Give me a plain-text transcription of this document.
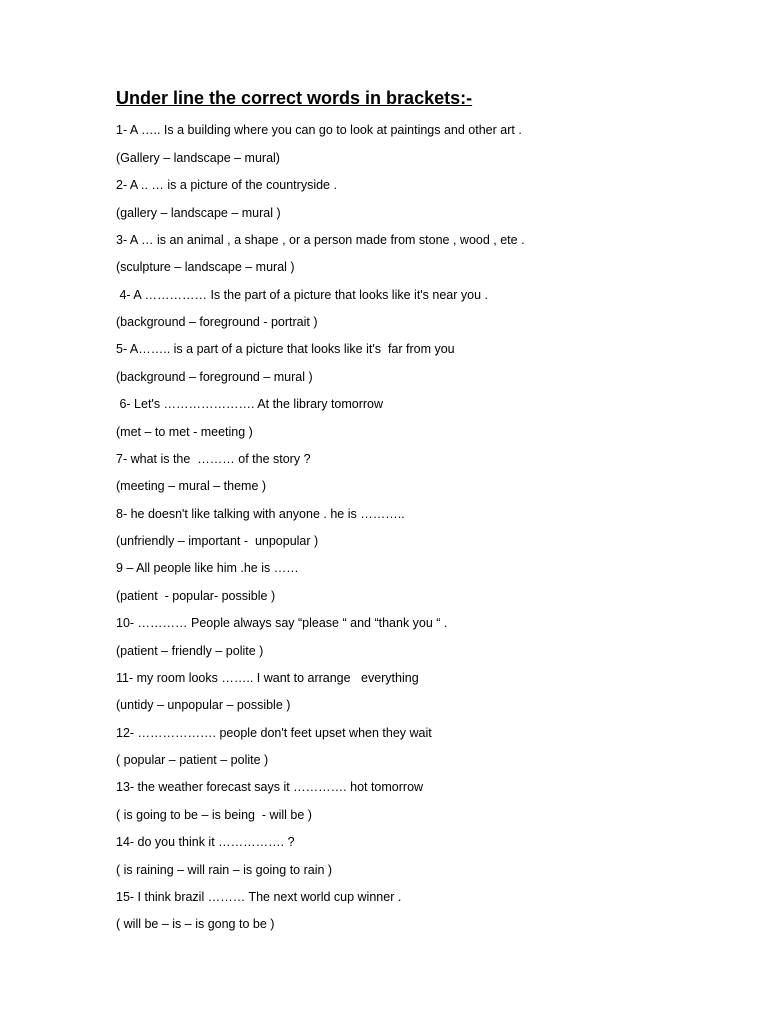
Under line the correct words in brackets:-
1- A ….. Is a building where you can go to look at paintings and other art .
(Gallery – landscape – mural)
2- A .. … is a picture of the countryside .
(gallery – landscape – mural )
3- A … is an animal , a shape , or a person made from stone , wood , ete .
(sculpture – landscape – mural )
4- A …………… Is the part of a picture that looks like it's near you .
(background – foreground - portrait )
5- A…….. is a part of a picture that looks like it's  far from you
(background – foreground – mural )
6- Let's …………………. At the library tomorrow
(met – to met - meeting )
7- what is the  ……… of the story ?
(meeting – mural – theme )
8- he doesn't like talking with anyone . he is ………..
(unfriendly – important -  unpopular )
9 – All people like him .he is ……
(patient  - popular- possible )
10- ………… People always say “please “ and “thank you “ .
(patient – friendly – polite )
11- my room looks …….. I want to arrange   everything
(untidy – unpopular – possible )
12- ………………. people don't feet upset when they wait
( popular – patient – polite )
13- the weather forecast says it …………. hot tomorrow
( is going to be – is being  - will be )
14- do you think it ……………. ?
( is raining – will rain – is going to rain )
15- I think brazil ……… The next world cup winner .
( will be – is – is gong to be )
